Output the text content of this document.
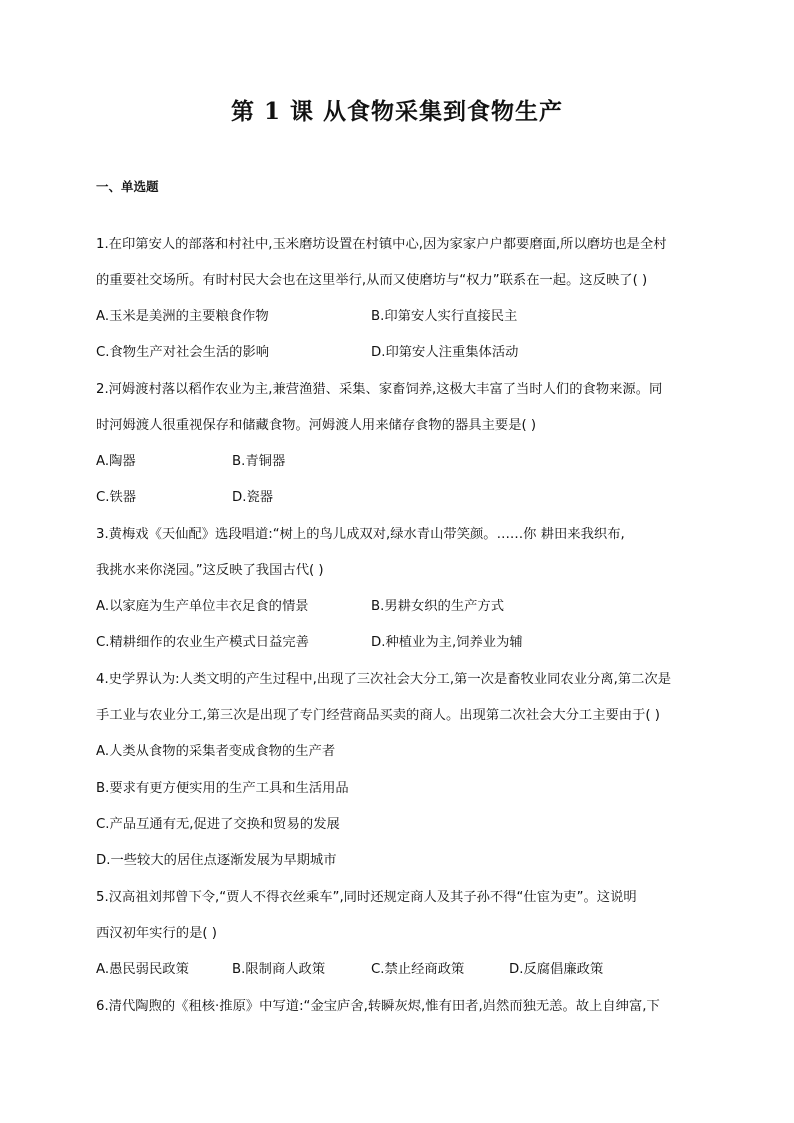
第 1 课 从食物采集到食物生产
一、单选题
1.在印第安人的部落和村社中,玉米磨坊设置在村镇中心,因为家家户户都要磨面,所以磨坊也是全村
的重要社交场所。有时村民大会也在这里举行,从而又使磨坊与“权力”联系在一起。这反映了( )
A.玉米是美洲的主要粮食作物	B.印第安人实行直接民主
C.食物生产对社会生活的影响	D.印第安人注重集体活动
2.河姆渡村落以稻作农业为主,兼营渔猎、采集、家畜饲养,这极大丰富了当时人们的食物来源。同
时河姆渡人很重视保存和储藏食物。河姆渡人用来储存食物的器具主要是( )
A.陶器	B.青铜器
C.铁器	D.瓷器
3.黄梅戏《天仙配》选段唱道:“树上的鸟儿成双对,绿水青山带笑颜。……你 耕田来我织布,
我挑水来你浇园。”这反映了我国古代( )
A.以家庭为生产单位丰衣足食的情景	B.男耕女织的生产方式
C.精耕细作的农业生产模式日益完善	D.种植业为主,饲养业为辅
4.史学界认为:人类文明的产生过程中,出现了三次社会大分工,第一次是畜牧业同农业分离,第二次是
手工业与农业分工,第三次是出现了专门经营商品买卖的商人。出现第二次社会大分工主要由于( )
A.人类从食物的采集者变成食物的生产者
B.要求有更方便实用的生产工具和生活用品
C.产品互通有无,促进了交换和贸易的发展
D.一些较大的居住点逐渐发展为早期城市
5.汉高祖刘邦曾下令,“贾人不得衣丝乘车”,同时还规定商人及其子孙不得“仕宦为吏”。这说明
西汉初年实行的是( )
A.愚民弱民政策	B.限制商人政策	C.禁止经商政策	D.反腐倡廉政策
6.清代陶煦的《租核·推原》中写道:“金宝庐舍,转瞬灰烬,惟有田者,岿然而独无恙。故上自绅富,下
